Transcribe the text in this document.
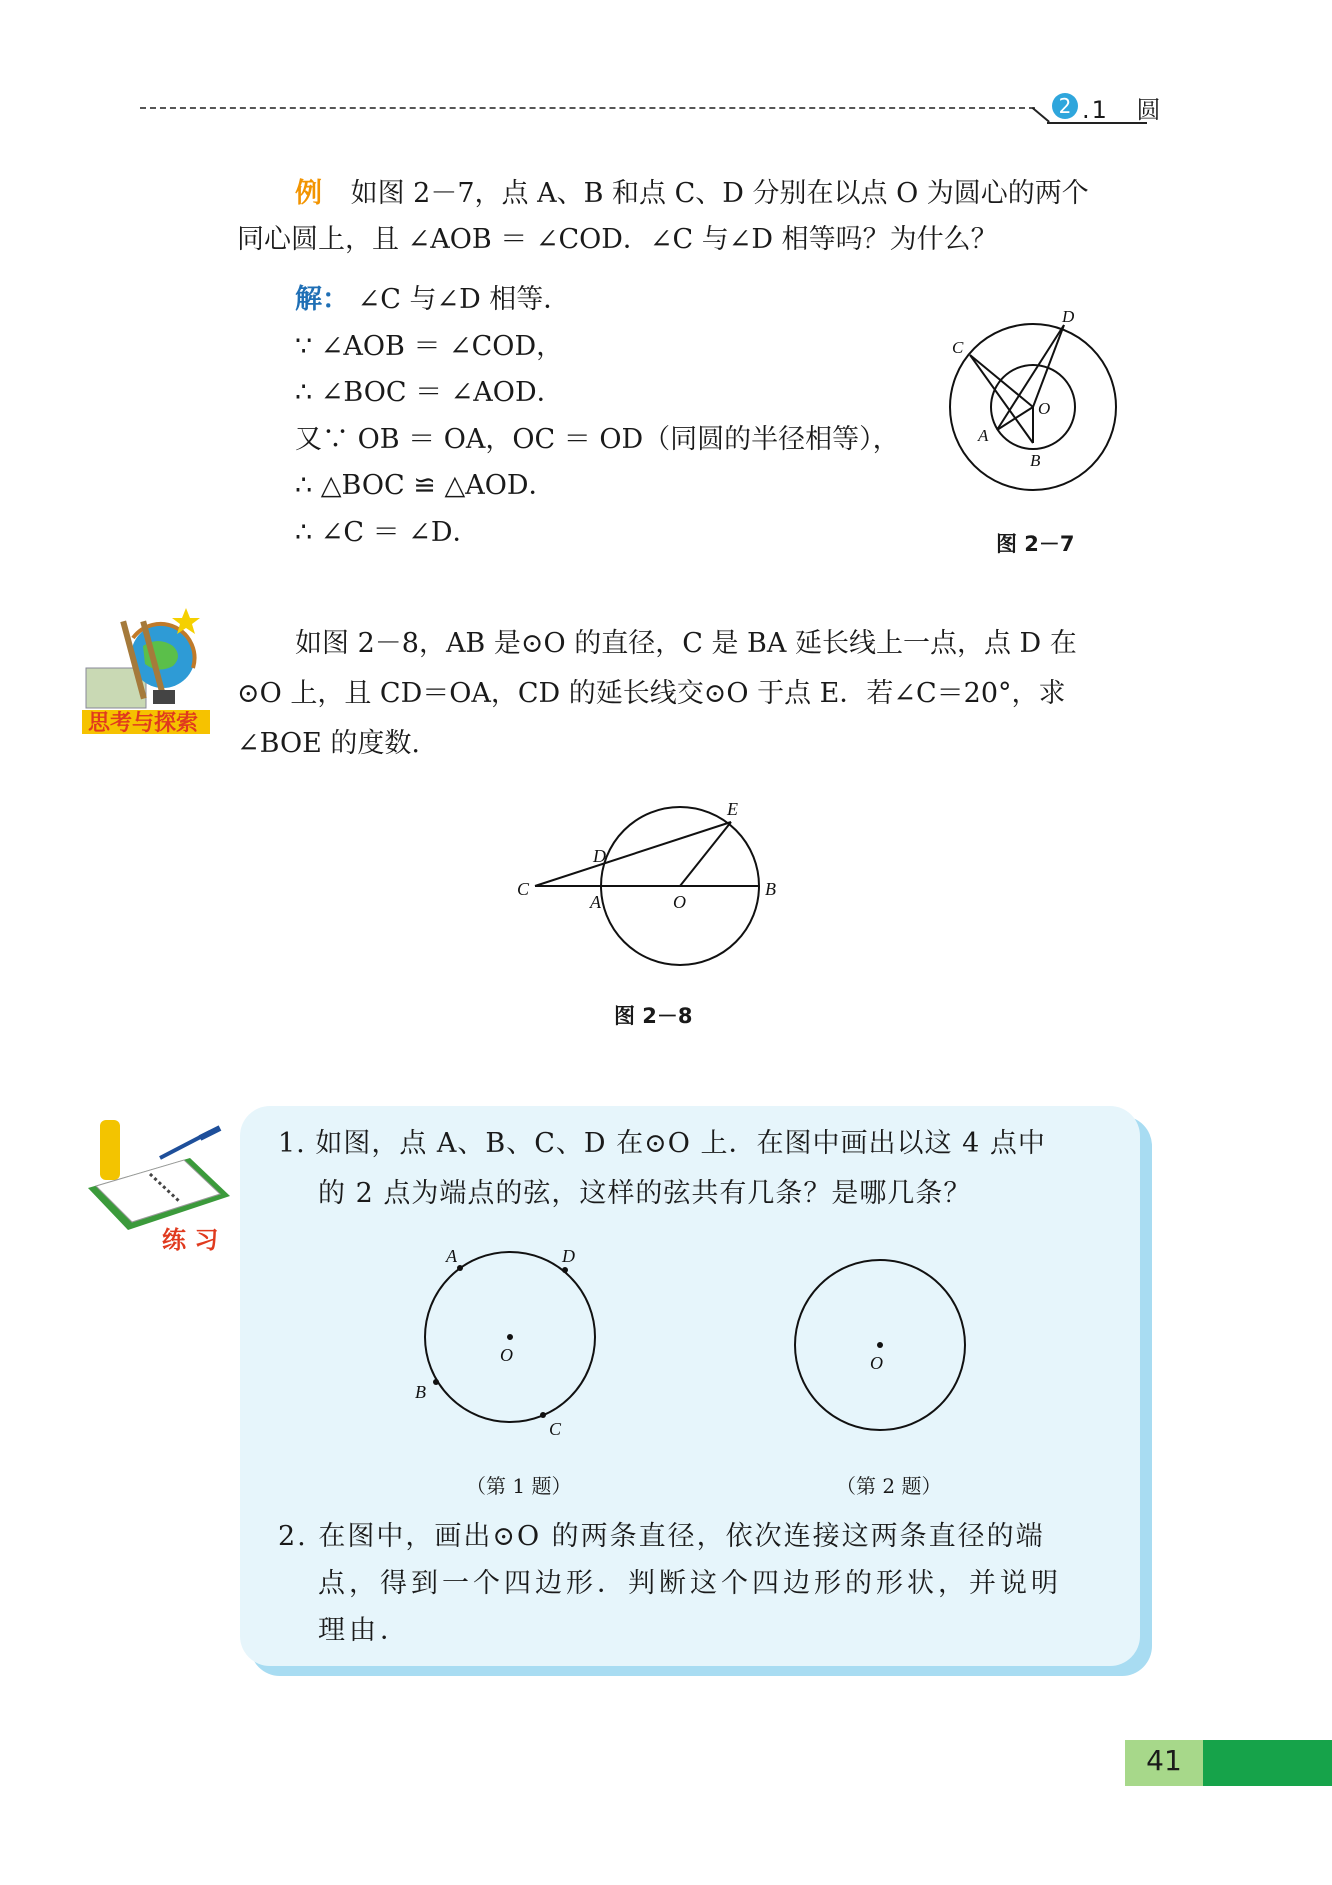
2 .1 圆
例 如图 2－7，点 A、B 和点 C、D 分别在以点 O 为圆心的两个
同心圆上，且 ∠AOB ＝ ∠COD．∠C 与∠D 相等吗？为什么？
解： ∠C 与∠D 相等．
∵ ∠AOB ＝ ∠COD，
∴ ∠BOC ＝ ∠AOD．
又∵ OB ＝ OA，OC ＝ OD（同圆的半径相等），
∴ △BOC ≌ △AOD．
∴ ∠C ＝ ∠D．
C
D
O
A
B
图 2－7
思考与探索
如图 2－8，AB 是⊙O 的直径，C 是 BA 延长线上一点，点 D 在
⊙O 上，且 CD＝OA，CD 的延长线交⊙O 于点 E．若∠C＝20°，求
∠BOE 的度数.
C
A	O
B
D
E
图 2－8
练 习
1. 如图，点 A、B、C、D 在⊙O 上．在图中画出以这 4 点中
的 2 点为端点的弦，这样的弦共有几条？是哪几条？
A	D
O
B
C
O
（第 1 题）	（第 2 题）
2. 在图中，画出⊙O 的两条直径，依次连接这两条直径的端
点，得到一个四边形．判断这个四边形的形状，并说明
理由．
41
